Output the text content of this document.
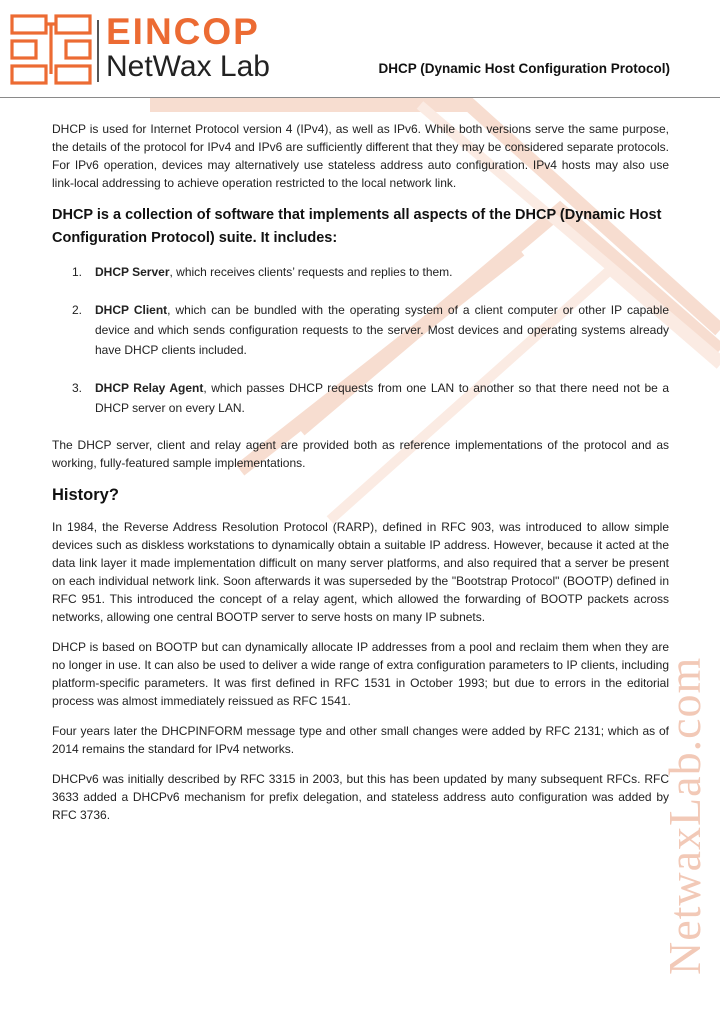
EINCOP
NetWax Lab	DHCP (Dynamic Host Configuration Protocol)

DHCP is used for Internet Protocol version 4 (IPv4), as well as IPv6. While both versions serve the same purpose, the details of the protocol for IPv4 and IPv6 are sufficiently different that they may be considered separate protocols. For IPv6 operation, devices may alternatively use stateless address auto configuration. IPv4 hosts may also use link-local addressing to achieve operation restricted to the local network link.

DHCP is a collection of software that implements all aspects of the DHCP (Dynamic Host Configuration Protocol) suite. It includes:
1.	DHCP Server, which receives clients’ requests and replies to them.
2.	DHCP Client, which can be bundled with the operating system of a client computer or other IP capable device and which sends configuration requests to the server. Most devices and operating systems already have DHCP clients included.
3.	DHCP Relay Agent, which passes DHCP requests from one LAN to another so that there need not be a DHCP server on every LAN.

The DHCP server, client and relay agent are provided both as reference implementations of the protocol and as working, fully-featured sample implementations.

History?

In 1984, the Reverse Address Resolution Protocol (RARP), defined in RFC 903, was introduced to allow simple devices such as diskless workstations to dynamically obtain a suitable IP address. However, because it acted at the data link layer it made implementation difficult on many server platforms, and also required that a server be present on each individual network link. Soon afterwards it was superseded by the "Bootstrap Protocol" (BOOTP) defined in RFC 951. This introduced the concept of a relay agent, which allowed the forwarding of BOOTP packets across networks, allowing one central BOOTP server to serve hosts on many IP subnets.

DHCP is based on BOOTP but can dynamically allocate IP addresses from a pool and reclaim them when they are no longer in use. It can also be used to deliver a wide range of extra configuration parameters to IP clients, including platform-specific parameters. It was first defined in RFC 1531 in October 1993; but due to errors in the editorial process was almost immediately reissued as RFC 1541.

Four years later the DHCPINFORM message type and other small changes were added by RFC 2131; which as of 2014 remains the standard for IPv4 networks.

DHCPv6 was initially described by RFC 3315 in 2003, but this has been updated by many subsequent RFCs. RFC 3633 added a DHCPv6 mechanism for prefix delegation, and stateless address auto configuration was added by RFC 3736.	NetwaxLab.com
